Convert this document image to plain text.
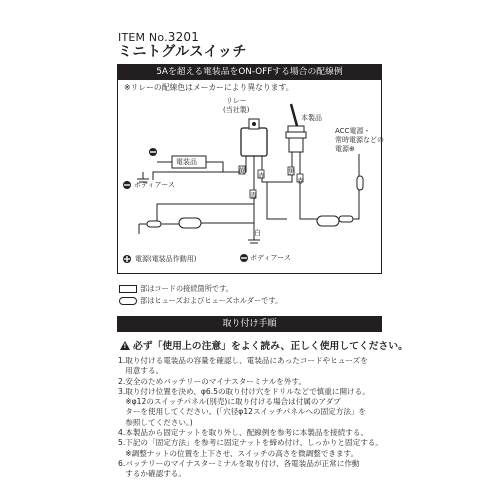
ITEM No.3201
ミニトグルスイッチ
5Aを超える電装品をON-OFFする場合の配線例
※リレーの配線色はメーカーにより異なります。
リレー
(当社製)
本製品
電装品
ボディアース
ACC電源・
常時電源などの
電源⊕
電源(電装品作動用)	ボディアース
黄
青
赤	黒
白
赤
部はコードの接続箇所です。
部はヒューズおよびヒューズホルダーです。
取り付け手順
!必ず「使用上の注意」をよく読み、正しく使用してください。

1.取り付ける電装品の容量を確認し、電装品にあったコードやヒューズを

用意する。

2.安全のためバッテリーのマイナスターミナルを外す。

3.取り付け位置を決め、φ6.5の取り付け穴をドリルなどで慎重に開ける。

※φ12のスイッチパネル(別売)に取り付ける場合は付属のアダプ

ターを使用してください。(「穴径φ12スイッチパネルへの固定方法」を

参照してください。)

4.本製品から固定ナットを取り外し、配線例を参考に本製品を接続する。

5.下記の「固定方法」を参考に固定ナットを締め付け、しっかりと固定する。

※調整ナットの位置を上下させ、スイッチの高さを微調整できます。

6.バッテリーのマイナスターミナルを取り付け、各電装品が正常に作動

するか確認する。
